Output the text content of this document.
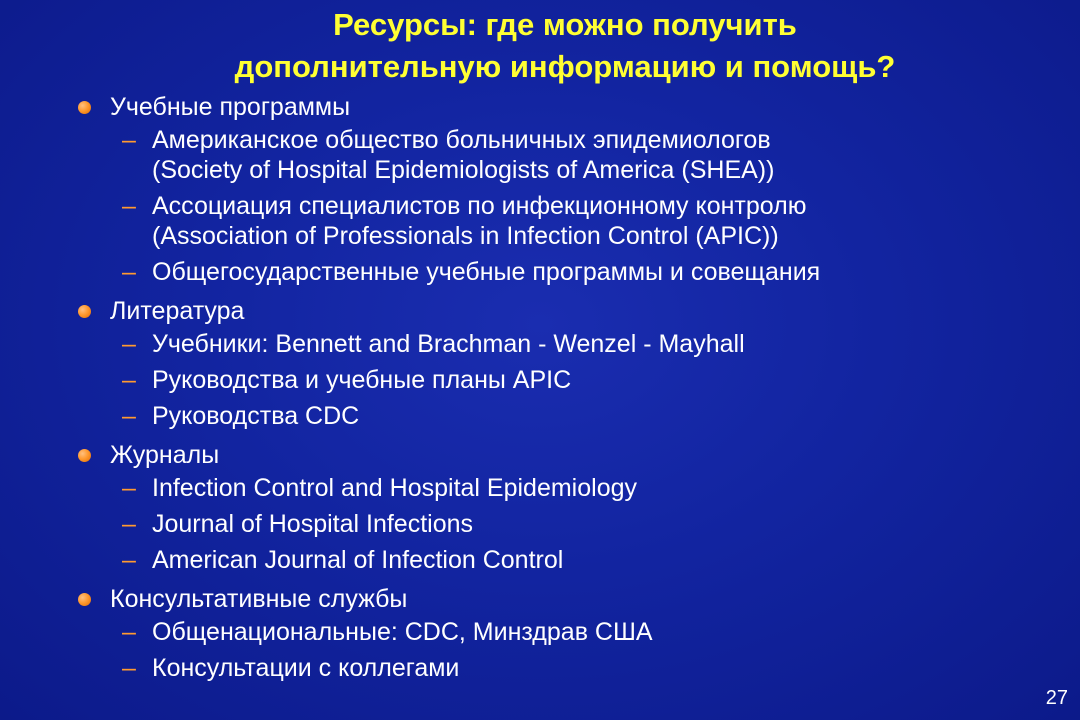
Ресурсы: где можно получить
дополнительную информацию и помощь?
Учебные программы
– Американское общество больничных эпидемиологов
(Society of Hospital Epidemiologists of America (SHEA))
– Ассоциация специалистов по инфекционному контролю
(Association of Professionals in Infection Control (APIC))
– Общегосударственные учебные программы и совещания
Литература
– Учебники: Bennett and Brachman - Wenzel - Mayhall
– Руководства и учебные планы APIC
– Руководства CDC
Журналы
– Infection Control and Hospital Epidemiology
– Journal of Hospital Infections
– American Journal of Infection Control
Консультативные службы
– Общенациональные: CDC, Минздрав США
– Консультации с коллегами
27
